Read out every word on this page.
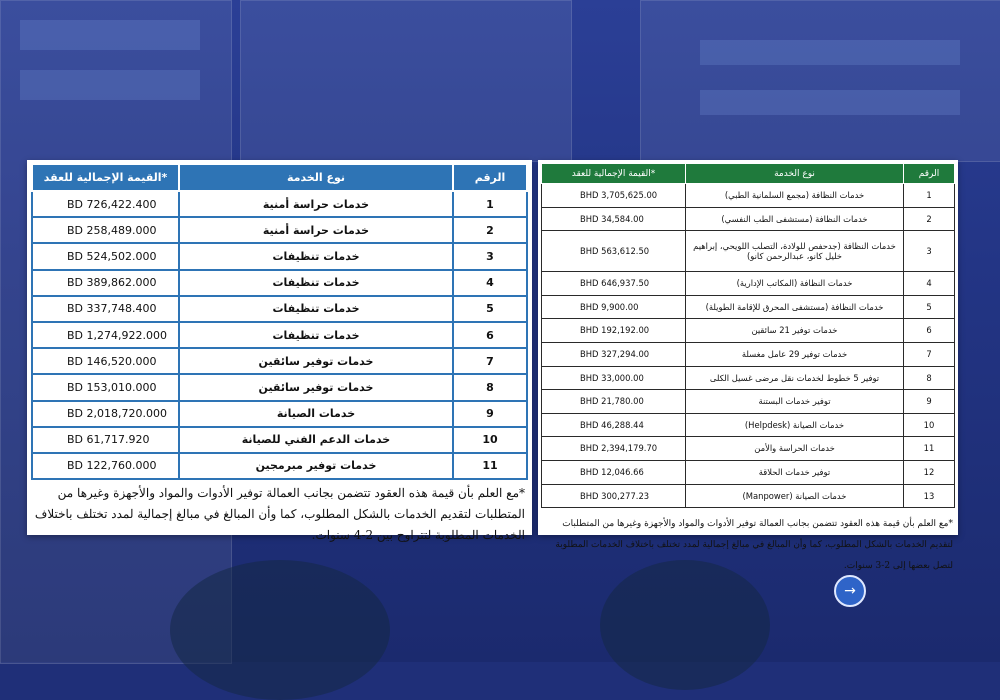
→
الرقم	نوع الخدمة	*القيمة الإجمالية للعقد
1	خدمات حراسة أمنية	BD 726,422.400
2	خدمات حراسة أمنية	BD 258,489.000
3	خدمات تنظيفات	BD 524,502.000
4	خدمات تنظيفات	BD 389,862.000
5	خدمات تنظيفات	BD 337,748.400
6	خدمات تنظيفات	BD 1,274,922.000
7	خدمات توفير سائقين	BD 146,520.000
8	خدمات توفير سائقين	BD 153,010.000
9	خدمات الصيانة	BD 2,018,720.000
10	خدمات الدعم الفني للصيانة	BD 61,717.920
11	خدمات توفير مبرمجين	BD 122,760.000
*مع العلم بأن قيمة هذه العقود تتضمن بجانب العمالة توفير الأدوات والمواد والأجهزة وغيرها من المتطلبات لتقديم الخدمات بالشكل المطلوب، كما وأن المبالغ في مبالغ إجمالية لمدد تختلف باختلاف الخدمات المطلوبة لتتراوح بين 2-4 سنوات.
الرقم	نوع الخدمة	*القيمة الإجمالية للعقد
1	خدمات النظافة (مجمع السلمانية الطبي)	BHD 3,705,625.00
2	خدمات النظافة (مستشفى الطب النفسي)	BHD 34,584.00
3	خدمات النظافة (جدحفص للولادة، التصلب اللويحي، إبراهيم خليل كانو، عبدالرحمن كانو)	BHD 563,612.50
4	خدمات النظافة (المكاتب الإدارية)	BHD 646,937.50
5	خدمات النظافة (مستشفى المحرق للإقامة الطويلة)	BHD 9,900.00
6	خدمات توفير 21 سائقين	BHD 192,192.00
7	خدمات توفير 29 عامل مغسلة	BHD 327,294.00
8	توفير 5 خطوط لخدمات نقل مرضى غسيل الكلى	BHD 33,000.00
9	توفير خدمات البستنة	BHD 21,780.00
10	خدمات الصيانة (Helpdesk)	BHD 46,288.44
11	خدمات الحراسة والأمن	BHD 2,394,179.70
12	توفير خدمات الحلاقة	BHD 12,046.66
13	خدمات الصيانة (Manpower)	BHD 300,277.23
*مع العلم بأن قيمة هذه العقود تتضمن بجانب العمالة توفير الأدوات والمواد والأجهزة وغيرها من المتطلبات لتقديم الخدمات بالشكل المطلوب، كما وأن المبالغ في مبالغ إجمالية لمدد تختلف باختلاف الخدمات المطلوبة لتصل بعضها إلى 2-3 سنوات.
